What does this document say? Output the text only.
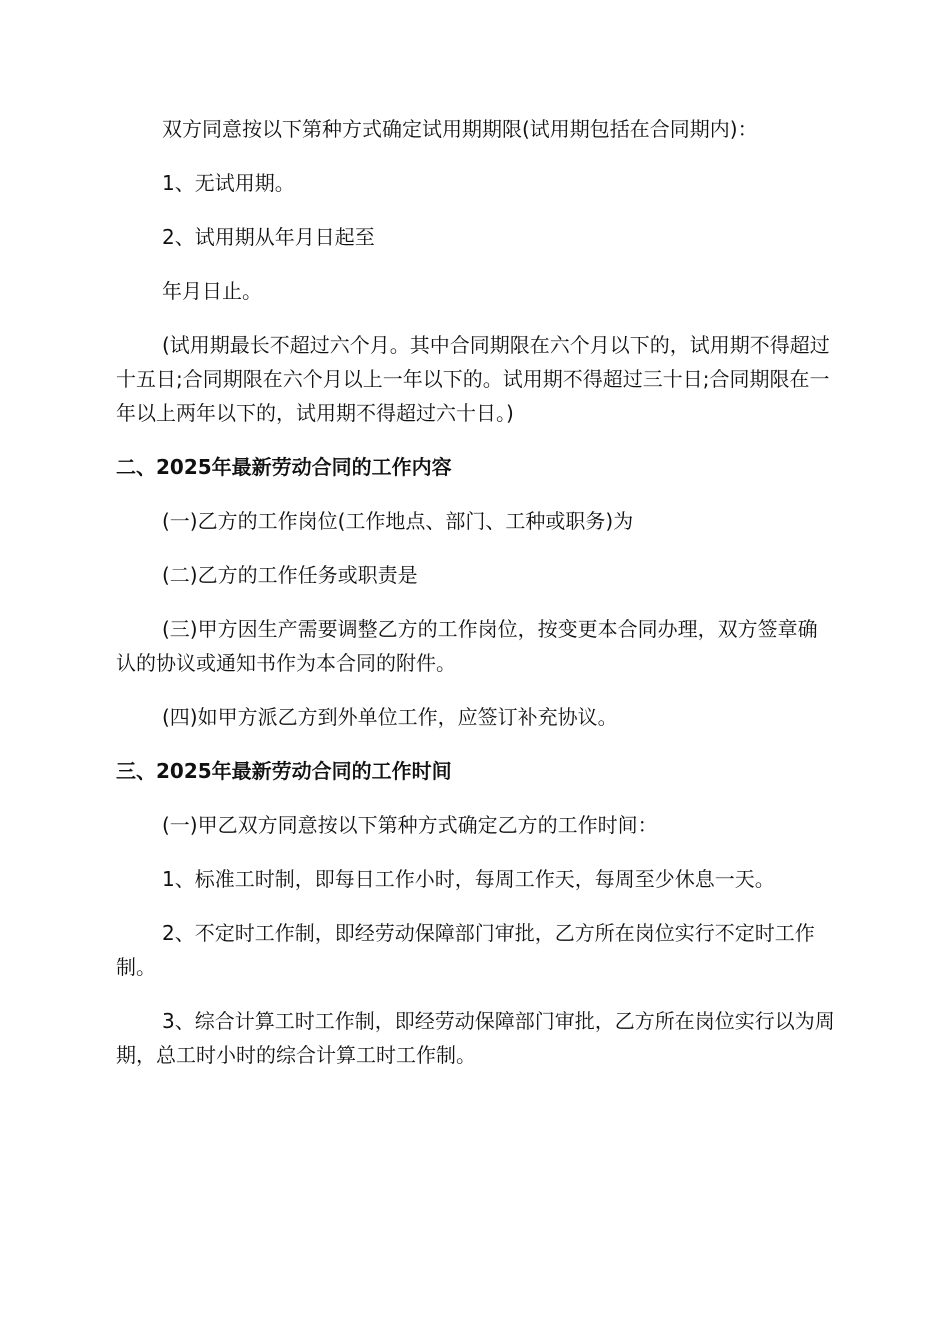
双方同意按以下第种方式确定试用期期限(试用期包括在合同期内)：

1、无试用期。

2、试用期从年月日起至

年月日止。

(试用期最长不超过六个月。其中合同期限在六个月以下的，试用期不得超过十五日;合同期限在六个月以上一年以下的。试用期不得超过三十日;合同期限在一年以上两年以下的，试用期不得超过六十日。)

二、2025年最新劳动合同的工作内容

(一)乙方的工作岗位(工作地点、部门、工种或职务)为

(二)乙方的工作任务或职责是

(三)甲方因生产需要调整乙方的工作岗位，按变更本合同办理，双方签章确认的协议或通知书作为本合同的附件。

(四)如甲方派乙方到外单位工作，应签订补充协议。

三、2025年最新劳动合同的工作时间

(一)甲乙双方同意按以下第种方式确定乙方的工作时间：

1、标准工时制，即每日工作小时，每周工作天，每周至少休息一天。

2、不定时工作制，即经劳动保障部门审批，乙方所在岗位实行不定时工作制。

3、综合计算工时工作制，即经劳动保障部门审批，乙方所在岗位实行以为周期，总工时小时的综合计算工时工作制。
